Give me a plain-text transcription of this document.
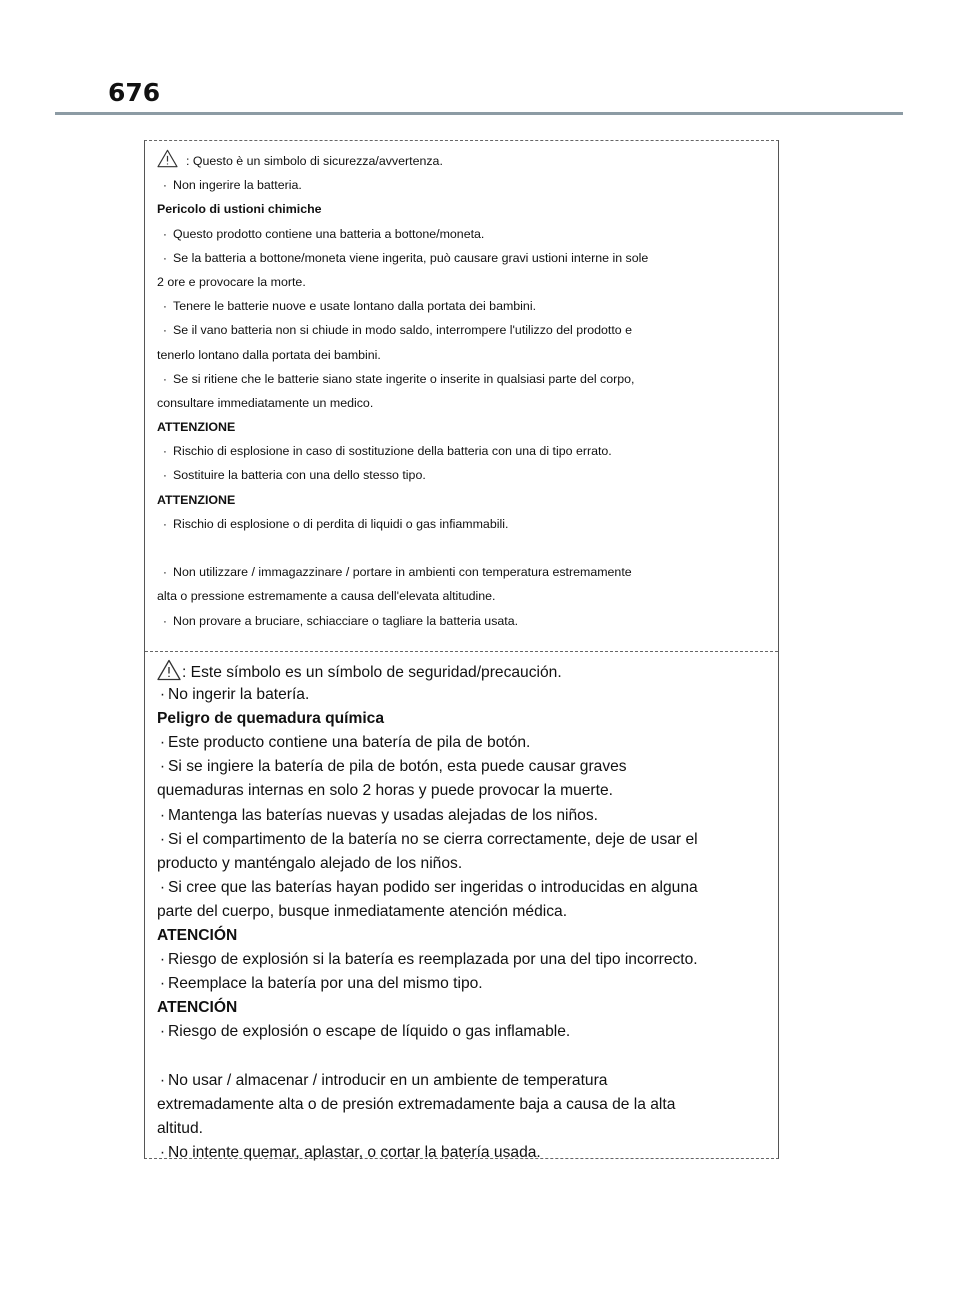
676
: Questo è un simbolo di sicurezza/avvertenza.
· Non ingerire la batteria.
Pericolo di ustioni chimiche
· Questo prodotto contiene una batteria a bottone/moneta.
· Se la batteria a bottone/moneta viene ingerita, può causare gravi ustioni interne in sole
2 ore e provocare la morte.
· Tenere le batterie nuove e usate lontano dalla portata dei bambini.
· Se il vano batteria non si chiude in modo saldo, interrompere l'utilizzo del prodotto e
tenerlo lontano dalla portata dei bambini.
· Se si ritiene che le batterie siano state ingerite o inserite in qualsiasi parte del corpo,
consultare immediatamente un medico.
ATTENZIONE
· Rischio di esplosione in caso di sostituzione della batteria con una di tipo errato.
· Sostituire la batteria con una dello stesso tipo.
ATTENZIONE
· Rischio di esplosione o di perdita di liquidi o gas infiammabili.
· Non utilizzare / immagazzinare / portare in ambienti con temperatura estremamente
alta o pressione estremamente a causa dell'elevata altitudine.
· Non provare a bruciare, schiacciare o tagliare la batteria usata.
: Este símbolo es un símbolo de seguridad/precaución.
· No ingerir la batería.
Peligro de quemadura química
· Este producto contiene una batería de pila de botón.
· Si se ingiere la batería de pila de botón, esta puede causar graves
quemaduras internas en solo 2 horas y puede provocar la muerte.
· Mantenga las baterías nuevas y usadas alejadas de los niños.
· Si el compartimento de la batería no se cierra correctamente, deje de usar el
producto y manténgalo alejado de los niños.
· Si cree que las baterías hayan podido ser ingeridas o introducidas en alguna
parte del cuerpo, busque inmediatamente atención médica.
ATENCIÓN
· Riesgo de explosión si la batería es reemplazada por una del tipo incorrecto.
· Reemplace la batería por una del mismo tipo.
ATENCIÓN
· Riesgo de explosión o escape de líquido o gas inflamable.
· No usar / almacenar / introducir en un ambiente de temperatura
extremadamente alta o de presión extremadamente baja a causa de la alta
altitud.
· No intente quemar, aplastar, o cortar la batería usada.
